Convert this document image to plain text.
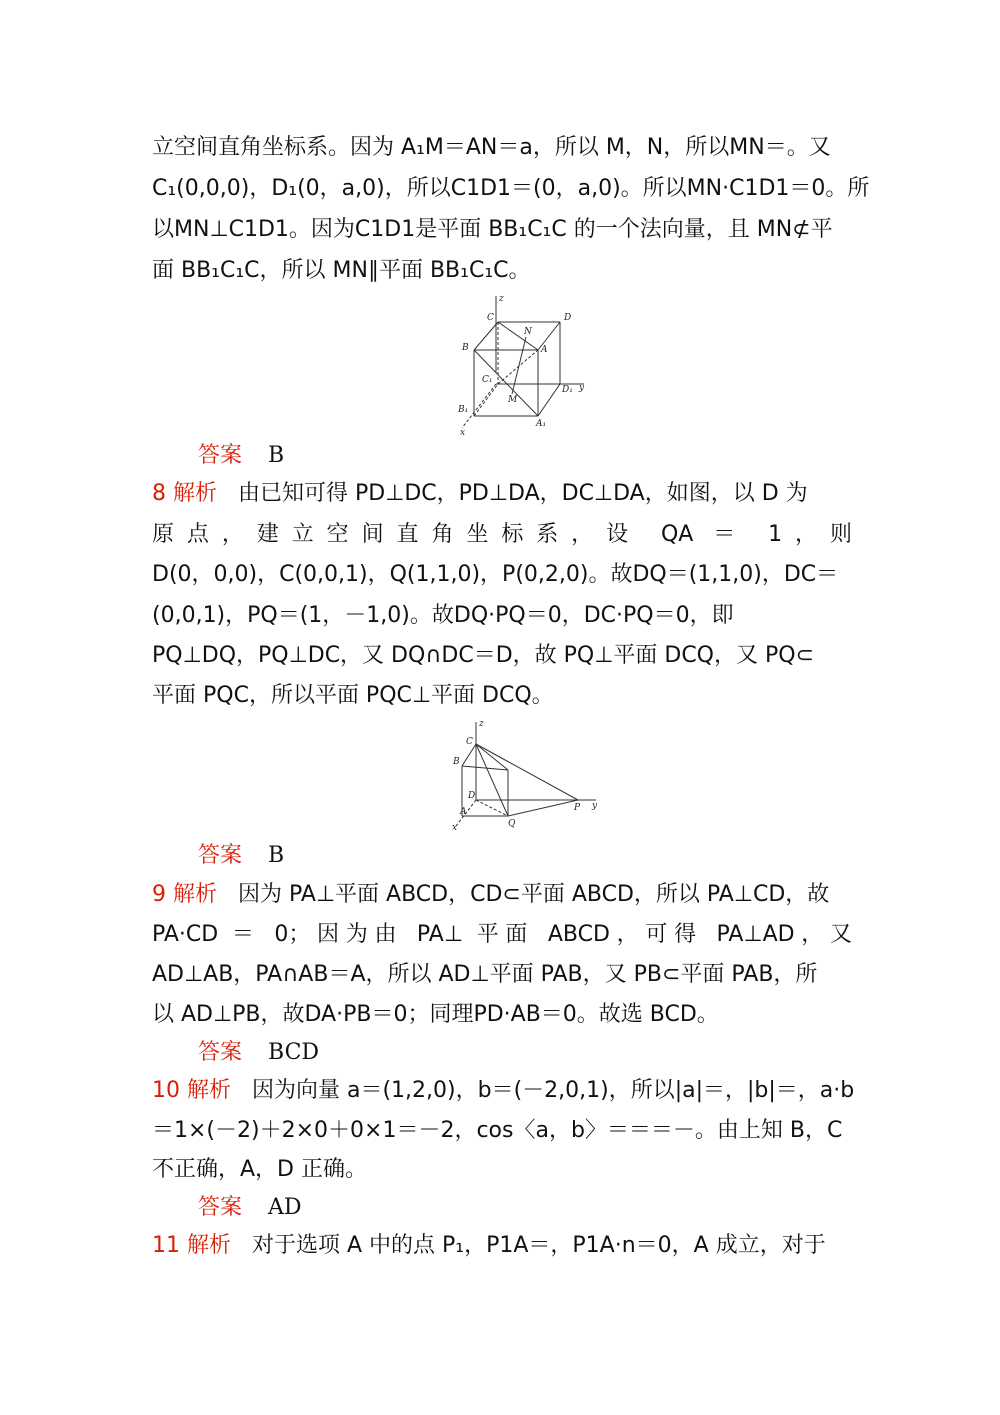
立空间直角坐标系。因为 A₁M＝AN＝a，所以 M，N，所以MN＝。又
C₁(0,0,0)，D₁(0，a,0)，所以C1D1＝(0，a,0)。所以MN·C1D1＝0。所
以MN⊥C1D1。因为C1D1是平面 BB₁C₁C 的一个法向量，且 MN⊄平
面 BB₁C₁C，所以 MN∥平面 BB₁C₁C。
z
C
N
D
B	A
C₁
D₁ y
B₁
M
A₁
x
答案 B
8 解析 由已知可得 PD⊥DC，PD⊥DA，DC⊥DA，如图，以 D 为
原点，建立空间直角坐标系，设 QA ＝ 1，则
D(0，0,0)，C(0,0,1)，Q(1,1,0)，P(0,2,0)。故DQ＝(1,1,0)，DC＝
(0,0,1)，PQ＝(1，－1,0)。故DQ·PQ＝0，DC·PQ＝0，即
PQ⊥DQ，PQ⊥DC，又 DQ∩DC＝D，故 PQ⊥平面 DCQ，又 PQ⊂
平面 PQC，所以平面 PQC⊥平面 DCQ。
z
C
B
D
A
x	Q
P y
答案 B
9 解析 因为 PA⊥平面 ABCD，CD⊂平面 ABCD，所以 PA⊥CD，故
PA·CD ＝ 0；因为由 PA⊥ 平面 ABCD，可得 PA⊥AD，又
AD⊥AB，PA∩AB＝A，所以 AD⊥平面 PAB，又 PB⊂平面 PAB，所
以 AD⊥PB，故DA·PB＝0；同理PD·AB＝0。故选 BCD。
答案 BCD
10 解析 因为向量 a＝(1,2,0)，b＝(－2,0,1)，所以|a|＝，|b|＝，a·b
＝1×(－2)＋2×0＋0×1＝－2，cos〈a，b〉＝＝＝－。由上知 B，C
不正确，A，D 正确。
答案 AD
11 解析 对于选项 A 中的点 P₁，P1A＝，P1A·n＝0，A 成立，对于
